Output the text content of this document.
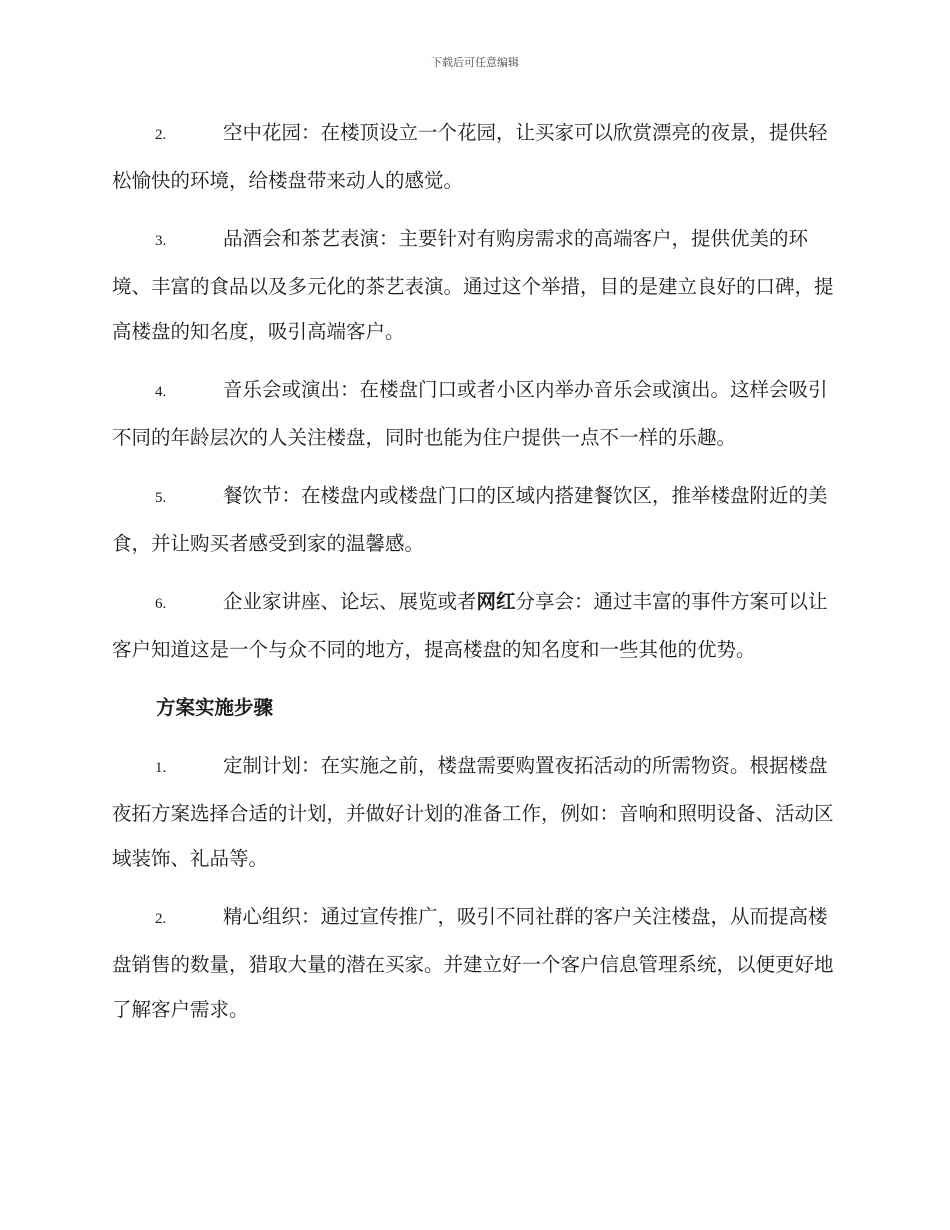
下载后可任意编辑

2.	空中花园：在楼顶设立一个花园，让买家可以欣赏漂亮的夜景，提供轻松愉快的环境，给楼盘带来动人的感觉。

3.	品酒会和茶艺表演：主要针对有购房需求的高端客户，提供优美的环境、丰富的食品以及多元化的茶艺表演。通过这个举措，目的是建立良好的口碑，提高楼盘的知名度，吸引高端客户。

4.	音乐会或演出：在楼盘门口或者小区内举办音乐会或演出。这样会吸引不同的年龄层次的人关注楼盘，同时也能为住户提供一点不一样的乐趣。

5.	餐饮节：在楼盘内或楼盘门口的区域内搭建餐饮区，推举楼盘附近的美食，并让购买者感受到家的温馨感。

6.	企业家讲座、论坛、展览或者网红分享会：通过丰富的事件方案可以让客户知道这是一个与众不同的地方，提高楼盘的知名度和一些其他的优势。

方案实施步骤

1.	定制计划：在实施之前，楼盘需要购置夜拓活动的所需物资。根据楼盘夜拓方案选择合适的计划，并做好计划的准备工作，例如：音响和照明设备、活动区域装饰、礼品等。

2.	精心组织：通过宣传推广，吸引不同社群的客户关注楼盘，从而提高楼盘销售的数量，猎取大量的潜在买家。并建立好一个客户信息管理系统，以便更好地了解客户需求。
